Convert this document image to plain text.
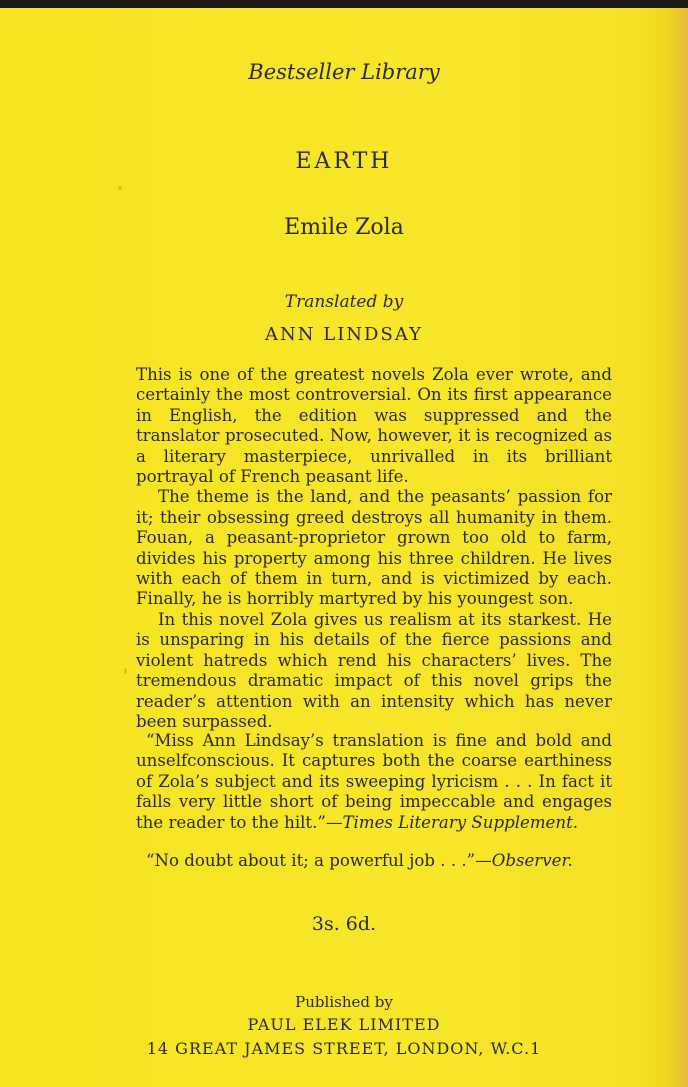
Bestseller Library
EARTH
Emile Zola
Translated by
ANN LINDSAY

This is one of the greatest novels Zola ever wrote, and certainly the most controversial. On its first appearance in English, the edition was suppressed and the translator prosecuted. Now, however, it is recognized as a literary masterpiece, unrivalled in its brilliant portrayal of French peasant life.

The theme is the land, and the peasants’ passion for it; their obsessing greed destroys all humanity in them. Fouan, a peasant-proprietor grown too old to farm, divides his property among his three children. He lives with each of them in turn, and is victimized by each. Finally, he is horribly martyred by his youngest son.

In this novel Zola gives us realism at its starkest. He is unsparing in his details of the fierce passions and violent hatreds which rend his characters’ lives. The tremendous dramatic impact of this novel grips the reader’s attention with an intensity which has never been surpassed.

“Miss Ann Lindsay’s translation is fine and bold and unselfconscious. It captures both the coarse earthiness of Zola’s subject and its sweeping lyricism . . . In fact it falls very little short of being impeccable and engages the reader to the hilt.”—Times Literary Supplement.
“No doubt about it; a powerful job . . .”—Observer.
3s. 6d.
Published by
PAUL ELEK LIMITED
14 GREAT JAMES STREET, LONDON, W.C.1
